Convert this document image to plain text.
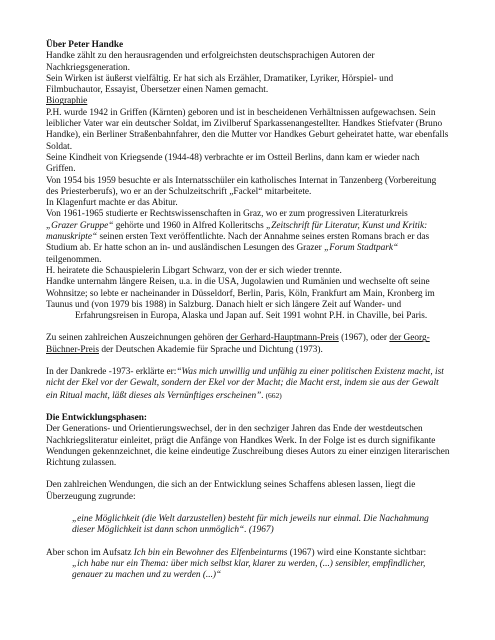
Über Peter Handke

Handke zählt zu den herausragenden und erfolgreichsten deutschsprachigen Autoren der Nachkriegsgeneration.

Sein Wirken ist äußerst vielfältig. Er hat sich als Erzähler, Dramatiker, Lyriker, Hörspiel- und Filmbuchautor, Essayist, Übersetzer einen Namen gemacht.

Biographie

P.H. wurde 1942 in Griffen (Kärnten) geboren und ist in bescheidenen Verhältnissen aufgewachsen. Sein leiblicher Vater war ein deutscher Soldat, im Zivilberuf Sparkassenangestellter. Handkes Stiefvater (Bruno Handke), ein Berliner Straßenbahnfahrer, den die Mutter vor Handkes Geburt geheiratet hatte, war ebenfalls Soldat.

Seine Kindheit von Kriegsende (1944-48) verbrachte er im Ostteil Berlins, dann kam er wieder nach Griffen.

Von 1954 bis 1959 besuchte er als Internatsschüler ein katholisches Internat in Tanzenberg (Vorbereitung des Priesterberufs), wo er an der Schulzeitschrift „Fackel“ mitarbeitete.

In Klagenfurt machte er das Abitur.

Von 1961-1965 studierte er Rechtswissenschaften in Graz, wo er zum progressiven Literaturkreis
„Grazer Gruppe“ gehörte und 1960 in Alfred Kolleritschs „Zeitschrift für Literatur, Kunst und Kritik: manuskripte“ seinen ersten Text veröffentlichte. Nach der Annahme seines ersten Romans brach er das Studium ab. Er hatte schon an in- und ausländischen Lesungen des Grazer „Forum Stadtpark“ teilgenommen.

H. heiratete die Schauspielerin Libgart Schwarz, von der er sich wieder trennte.

Handke unternahm längere Reisen, u.a. in die USA, Jugolawien und Rumänien und wechselte oft seine Wohnsitze; so lebte er nacheinander in Düsseldorf, Berlin, Paris, Köln, Frankfurt am Main, Kronberg im Taunus und (von 1979 bis 1988) in Salzburg. Danach hielt er sich längere Zeit auf Wander- und

Erfahrungsreisen in Europa, Alaska und Japan auf. Seit 1991 wohnt P.H. in Chaville, bei Paris.

Zu seinen zahlreichen Auszeichnungen gehören der Gerhard-Hauptmann-Preis (1967), oder der Georg-Büchner-Preis der Deutschen Akademie für Sprache und Dichtung (1973).

In der Dankrede -1973- erklärte er:“Was mich unwillig und unfähig zu einer politischen Existenz macht, ist nicht der Ekel vor der Gewalt, sondern der Ekel vor der Macht; die Macht erst, indem sie aus der Gewalt ein Ritual macht, läßt dieses als Vernünftiges erscheinen”. (662)

Die Entwicklungsphasen:

Der Generations- und Orientierungswechsel, der in den sechziger Jahren das Ende der westdeutschen Nachkriegsliteratur einleitet, prägt die Anfänge von Handkes Werk. In der Folge ist es durch signifikante Wendungen gekennzeichnet, die keine eindeutige Zuschreibung dieses Autors zu einer einzigen literarischen Richtung zulassen.

Den zahlreichen Wendungen, die sich an der Entwicklung seines Schaffens ablesen lassen, liegt die Überzeugung zugrunde:

„eine Möglichkeit (die Welt darzustellen) besteht für mich jeweils nur einmal. Die Nachahmung dieser Möglichkeit ist dann schon unmöglich“. (1967)

Aber schon im Aufsatz Ich bin ein Bewohner des Elfenbeinturms (1967) wird eine Konstante sichtbar:

„ich habe nur ein Thema: über mich selbst klar, klarer zu werden, (...) sensibler, empfindlicher, genauer zu machen und zu werden (...)“
